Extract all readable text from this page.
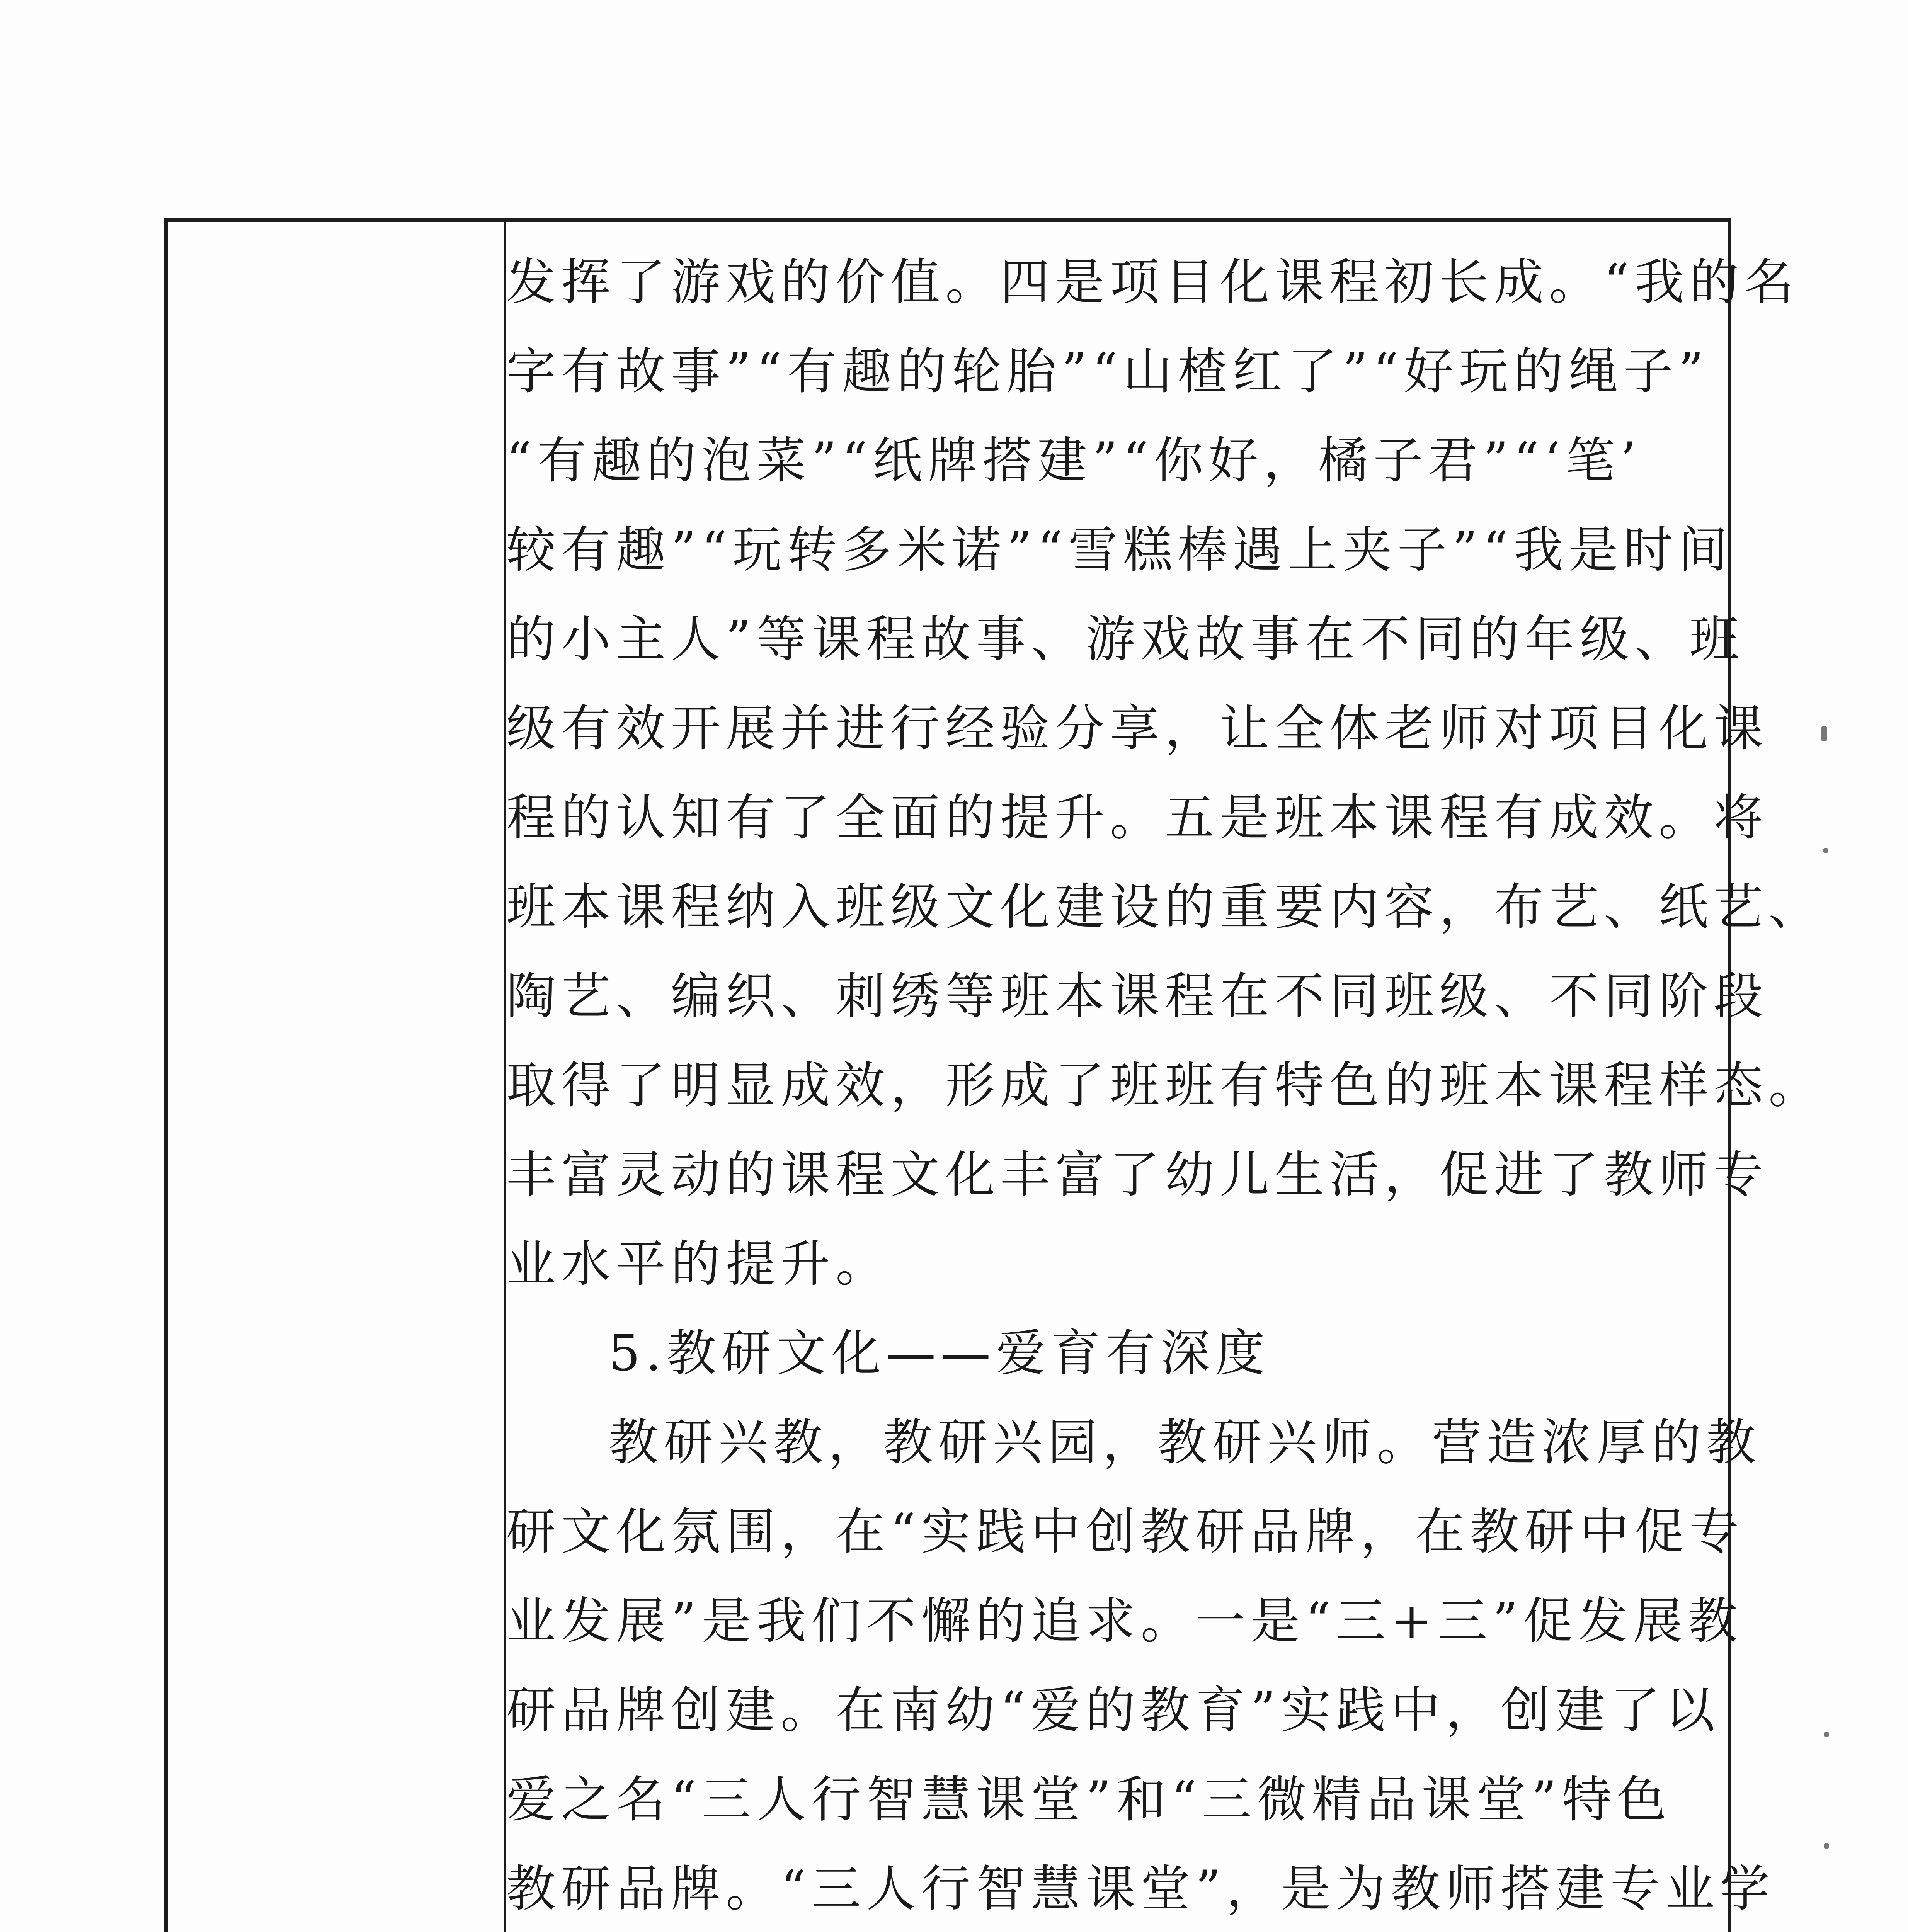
发挥了游戏的价值。四是项目化课程初长成。“我的名
字有故事”“有趣的轮胎”“山楂红了”“好玩的绳子”
“有趣的泡菜”“纸牌搭建”“你好，橘子君”“‘笔’
较有趣”“玩转多米诺”“雪糕棒遇上夹子”“我是时间
的小主人”等课程故事、游戏故事在不同的年级、班
级有效开展并进行经验分享，让全体老师对项目化课
程的认知有了全面的提升。五是班本课程有成效。将
班本课程纳入班级文化建设的重要内容，布艺、纸艺、
陶艺、编织、刺绣等班本课程在不同班级、不同阶段
取得了明显成效，形成了班班有特色的班本课程样态。
丰富灵动的课程文化丰富了幼儿生活，促进了教师专
业水平的提升。
5.教研文化——爱育有深度
教研兴教，教研兴园，教研兴师。营造浓厚的教
研文化氛围，在“实践中创教研品牌，在教研中促专
业发展”是我们不懈的追求。一是“三+三”促发展教
研品牌创建。在南幼“爱的教育”实践中，创建了以
爱之名“三人行智慧课堂”和“三微精品课堂”特色
教研品牌。“三人行智慧课堂”，是为教师搭建专业学
